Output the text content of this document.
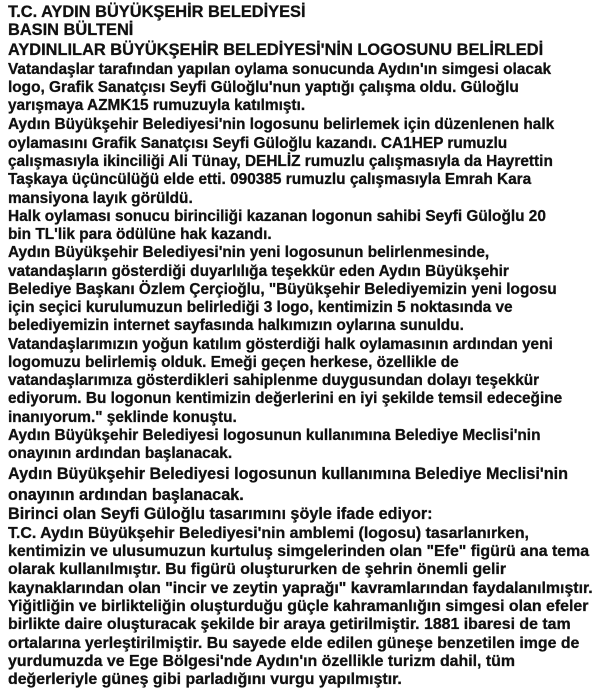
T.C. AYDIN BÜYÜKŞEHİR BELEDİYESİ
BASIN BÜLTENİ
AYDINLILAR BÜYÜKŞEHİR BELEDİYESİ'NİN LOGOSUNU BELİRLEDİ
Vatandaşlar tarafından yapılan oylama sonucunda Aydın'ın simgesi olacak
logo, Grafik Sanatçısı Seyfi Güloğlu'nun yaptığı çalışma oldu. Güloğlu
yarışmaya AZMK15 rumuzuyla katılmıştı.
Aydın Büyükşehir Belediyesi'nin logosunu belirlemek için düzenlenen halk
oylamasını Grafik Sanatçısı Seyfi Güloğlu kazandı. CA1HEP rumuzlu
çalışmasıyla ikinciliği Ali Tünay, DEHLİZ rumuzlu çalışmasıyla da Hayrettin
Taşkaya üçüncülüğü elde etti. 090385 rumuzlu çalışmasıyla Emrah Kara
mansiyona layık görüldü.
Halk oylaması sonucu birinciliği kazanan logonun sahibi Seyfi Güloğlu 20
bin TL'lik para ödülüne hak kazandı.
Aydın Büyükşehir Belediyesi'nin yeni logosunun belirlenmesinde,
vatandaşların gösterdiği duyarlılığa teşekkür eden Aydın Büyükşehir
Belediye Başkanı Özlem Çerçioğlu, "Büyükşehir Belediyemizin yeni logosu
için seçici kurulumuzun belirlediği 3 logo, kentimizin 5 noktasında ve
belediyemizin internet sayfasında halkımızın oylarına sunuldu.
Vatandaşlarımızın yoğun katılım gösterdiği halk oylamasının ardından yeni
logomuzu belirlemiş olduk. Emeği geçen herkese, özellikle de
vatandaşlarımıza gösterdikleri sahiplenme duygusundan dolayı teşekkür
ediyorum. Bu logonun kentimizin değerlerini en iyi şekilde temsil edeceğine
inanıyorum." şeklinde konuştu.
Aydın Büyükşehir Belediyesi logosunun kullanımına Belediye Meclisi'nin
onayının ardından başlanacak.
Aydın Büyükşehir Belediyesi logosunun kullanımına Belediye Meclisi'nin
onayının ardından başlanacak.
Birinci olan Seyfi Güloğlu tasarımını şöyle ifade ediyor:
T.C. Aydın Büyükşehir Belediyesi'nin amblemi (logosu) tasarlanırken,
kentimizin ve ulusumuzun kurtuluş simgelerinden olan "Efe" figürü ana tema
olarak kullanılmıştır. Bu figürü oluştururken de şehrin önemli gelir
kaynaklarından olan "incir ve zeytin yaprağı" kavramlarından faydalanılmıştır.
Yiğitliğin ve birlikteliğin oluşturduğu güçle kahramanlığın simgesi olan efeler
birlikte daire oluşturacak şekilde bir araya getirilmiştir. 1881 ibaresi de tam
ortalarına yerleştirilmiştir. Bu sayede elde edilen güneşe benzetilen imge de
yurdumuzda ve Ege Bölgesi'nde Aydın'ın özellikle turizm dahil, tüm
değerleriyle güneş gibi parladığını vurgu yapılmıştır.
